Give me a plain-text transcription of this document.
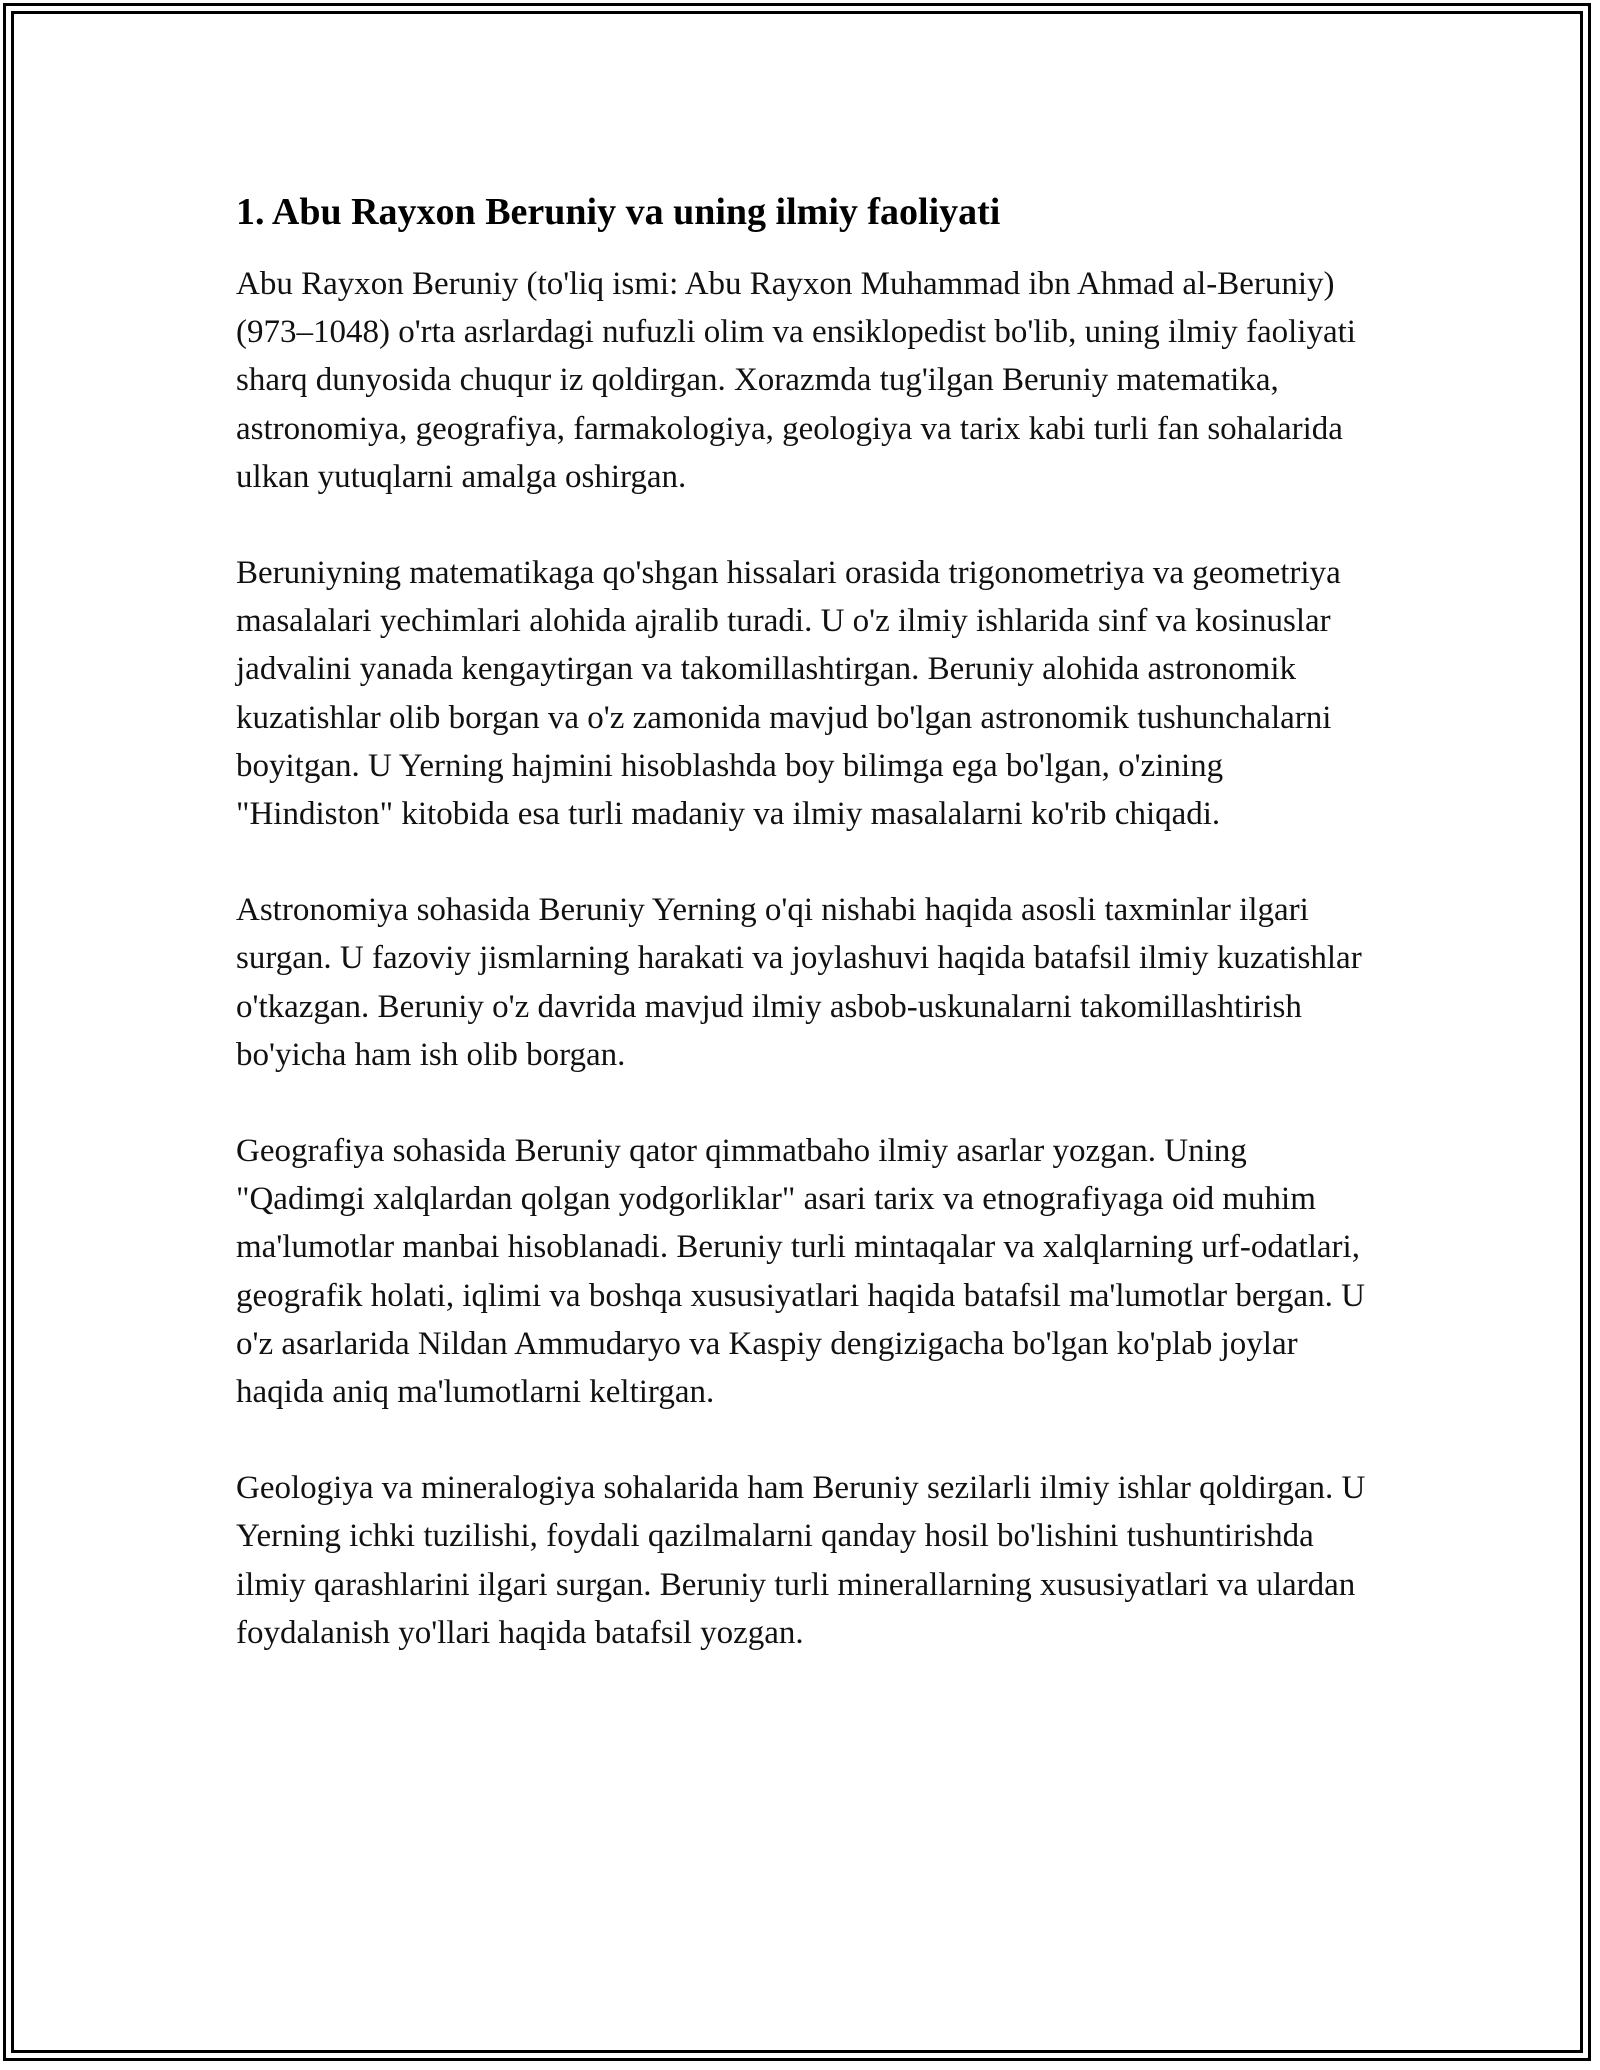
1. Abu Rayxon Beruniy va uning ilmiy faoliyati

Abu Rayxon Beruniy (to'liq ismi: Abu Rayxon Muhammad ibn Ahmad al-Beruniy) (973–1048) o'rta asrlardagi nufuzli olim va ensiklopedist bo'lib, uning ilmiy faoliyati sharq dunyosida chuqur iz qoldirgan. Xorazmda tug'ilgan Beruniy matematika, astronomiya, geografiya, farmakologiya, geologiya va tarix kabi turli fan sohalarida ulkan yutuqlarni amalga oshirgan.

Beruniyning matematikaga qo'shgan hissalari orasida trigonometriya va geometriya masalalari yechimlari alohida ajralib turadi. U o'z ilmiy ishlarida sinf va kosinuslar jadvalini yanada kengaytirgan va takomillashtirgan. Beruniy alohida astronomik kuzatishlar olib borgan va o'z zamonida mavjud bo'lgan astronomik tushunchalarni boyitgan. U Yerning hajmini hisoblashda boy bilimga ega bo'lgan, o'zining "Hindiston" kitobida esa turli madaniy va ilmiy masalalarni ko'rib chiqadi.

Astronomiya sohasida Beruniy Yerning o'qi nishabi haqida asosli taxminlar ilgari surgan. U fazoviy jismlarning harakati va joylashuvi haqida batafsil ilmiy kuzatishlar o'tkazgan. Beruniy o'z davrida mavjud ilmiy asbob-uskunalarni takomillashtirish bo'yicha ham ish olib borgan.

Geografiya sohasida Beruniy qator qimmatbaho ilmiy asarlar yozgan. Uning "Qadimgi xalqlardan qolgan yodgorliklar" asari tarix va etnografiyaga oid muhim ma'lumotlar manbai hisoblanadi. Beruniy turli mintaqalar va xalqlarning urf-odatlari, geografik holati, iqlimi va boshqa xususiyatlari haqida batafsil ma'lumotlar bergan. U o'z asarlarida Nildan Ammudaryo va Kaspiy dengizigacha bo'lgan ko'plab joylar haqida aniq ma'lumotlarni keltirgan.

Geologiya va mineralogiya sohalarida ham Beruniy sezilarli ilmiy ishlar qoldirgan. U Yerning ichki tuzilishi, foydali qazilmalarni qanday hosil bo'lishini tushuntirishda ilmiy qarashlarini ilgari surgan. Beruniy turli minerallarning xususiyatlari va ulardan foydalanish yo'llari haqida batafsil yozgan.
